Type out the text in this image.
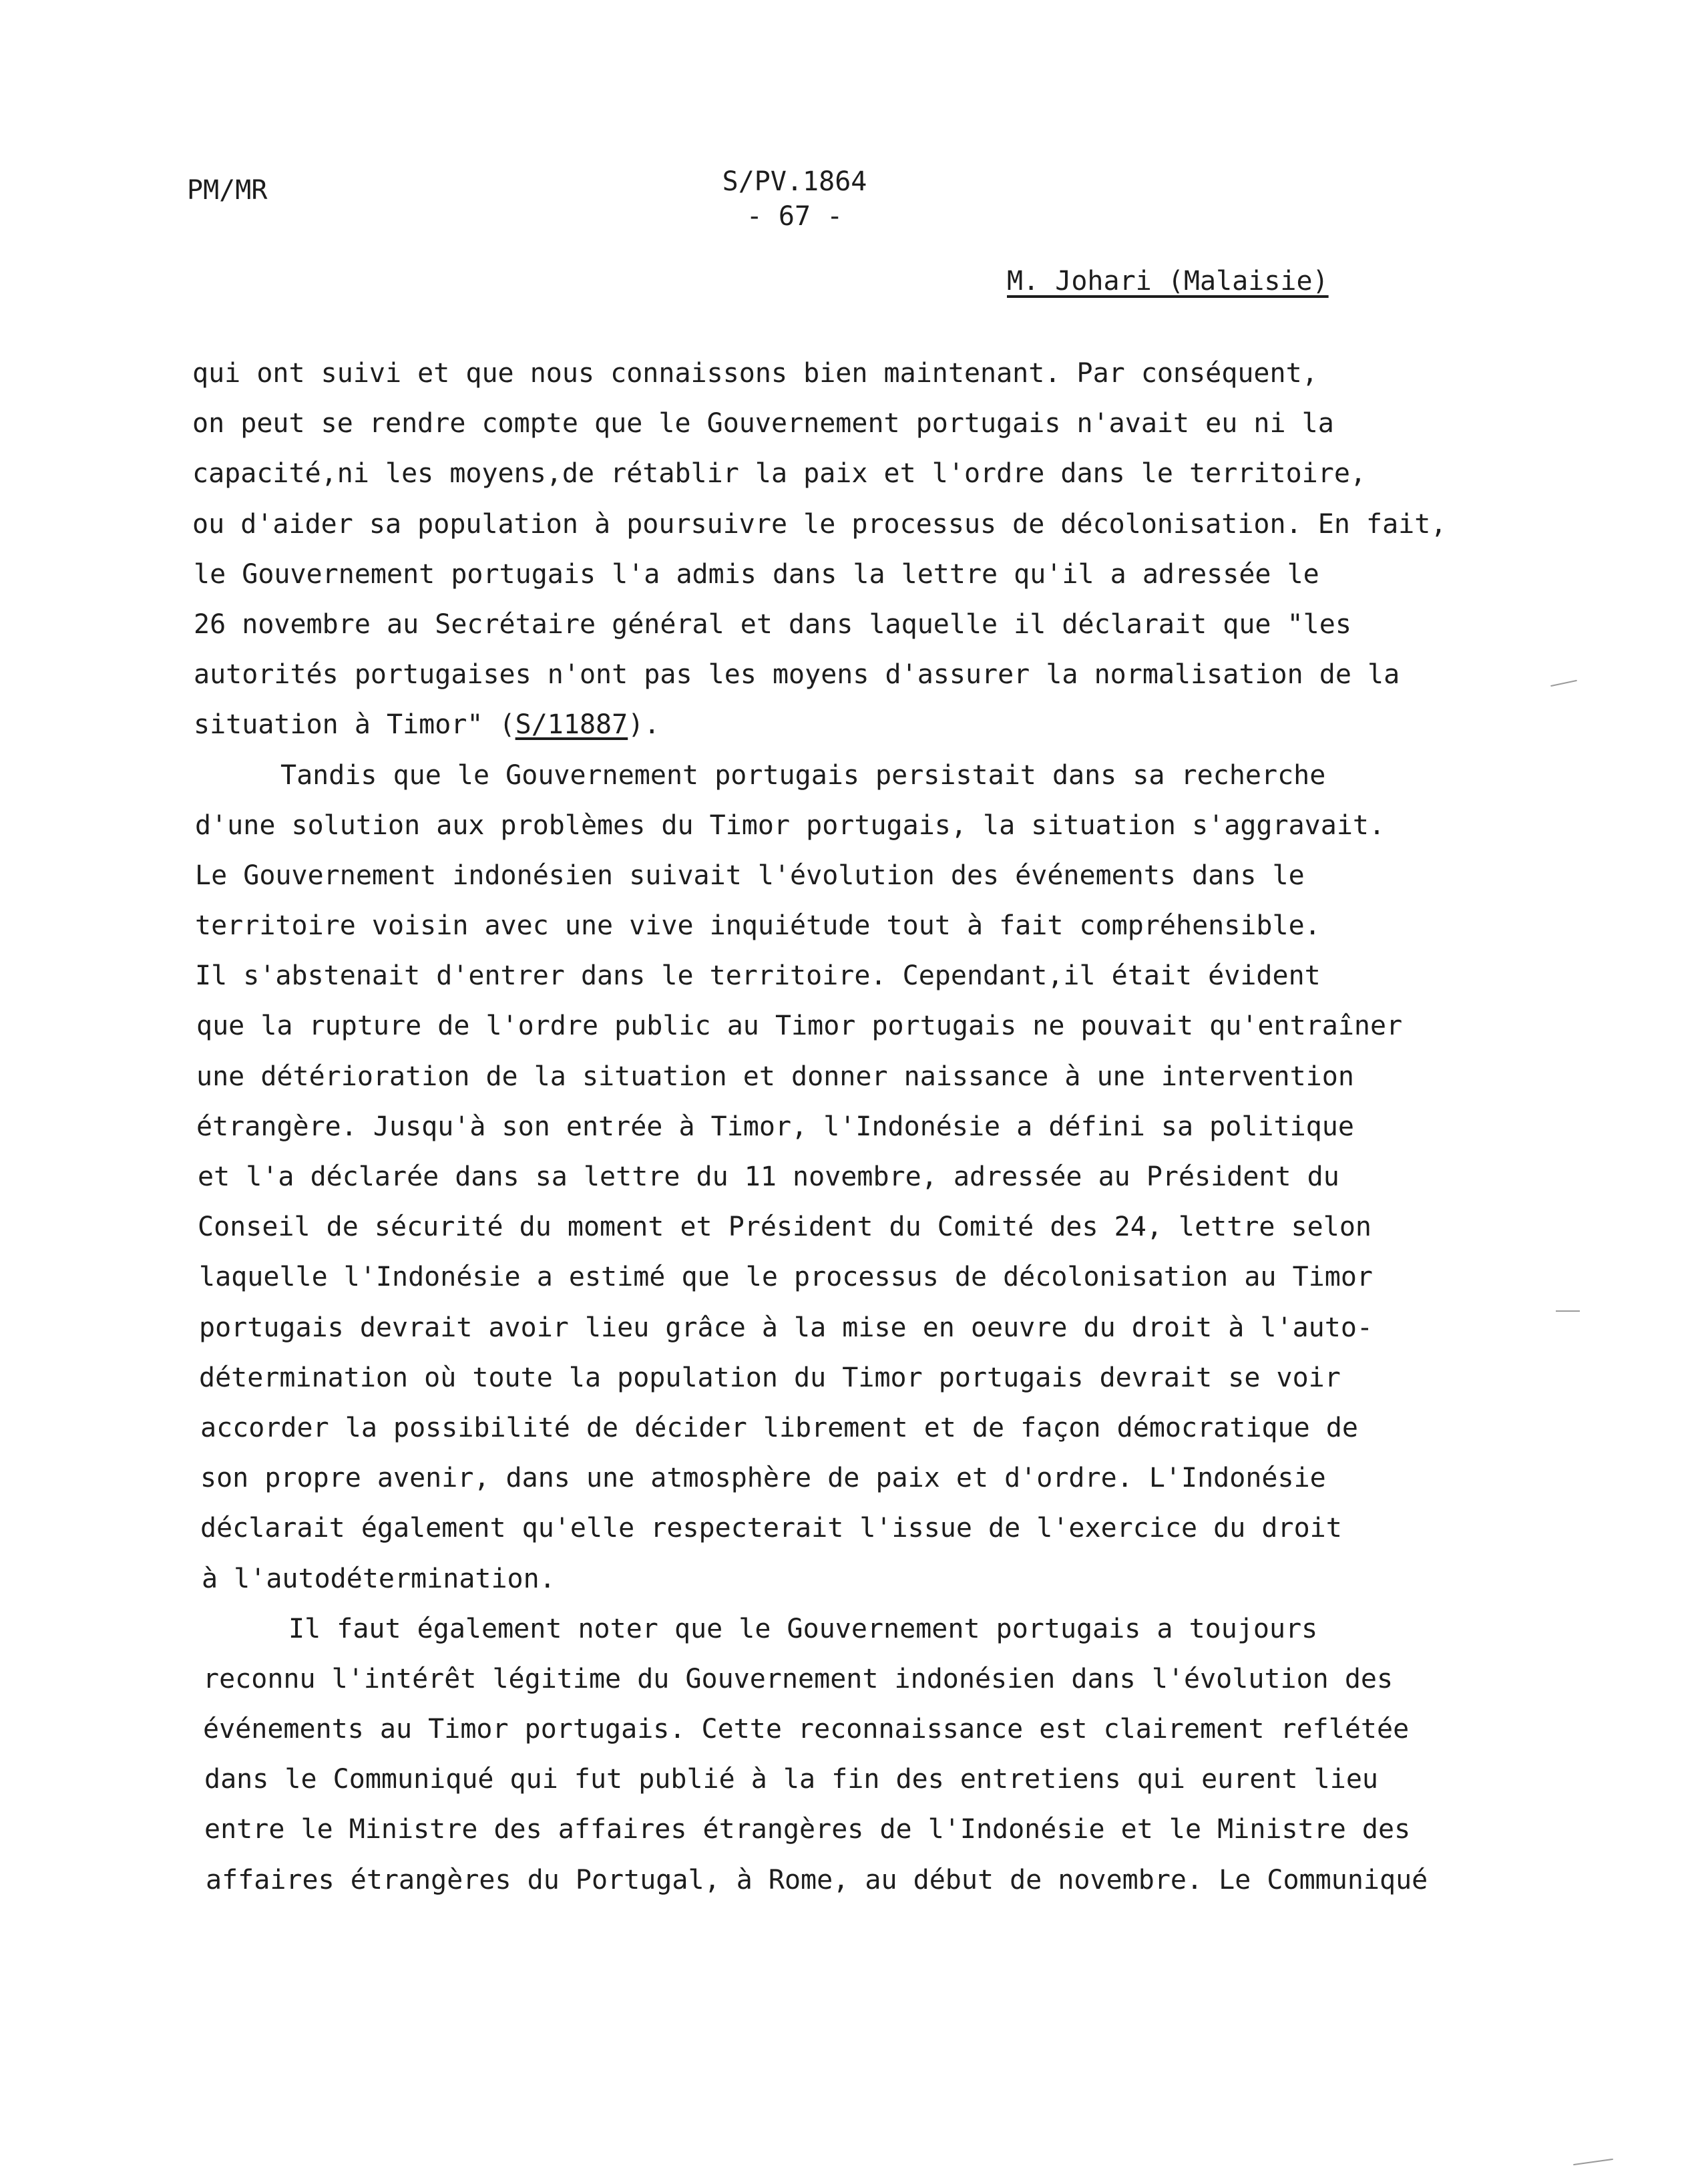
PM/MR	S/PV.1864
- 67 -
M. Johari (Malaisie)
qui ont suivi et que nous connaissons bien maintenant. Par conséquent,
on peut se rendre compte que le Gouvernement portugais n'avait eu ni la
capacité,ni les moyens,de rétablir la paix et l'ordre dans le territoire,
ou d'aider sa population à poursuivre le processus de décolonisation. En fait,
le Gouvernement portugais l'a admis dans la lettre qu'il a adressée le
26 novembre au Secrétaire général et dans laquelle il déclarait que "les
autorités portugaises n'ont pas les moyens d'assurer la normalisation de la
situation à Timor" (S/11887).
Tandis que le Gouvernement portugais persistait dans sa recherche
d'une solution aux problèmes du Timor portugais, la situation s'aggravait.
Le Gouvernement indonésien suivait l'évolution des événements dans le
territoire voisin avec une vive inquiétude tout à fait compréhensible.
Il s'abstenait d'entrer dans le territoire. Cependant,il était évident
que la rupture de l'ordre public au Timor portugais ne pouvait qu'entraîner
une détérioration de la situation et donner naissance à une intervention
étrangère. Jusqu'à son entrée à Timor, l'Indonésie a défini sa politique
et l'a déclarée dans sa lettre du 11 novembre, adressée au Président du
Conseil de sécurité du moment et Président du Comité des 24, lettre selon
laquelle l'Indonésie a estimé que le processus de décolonisation au Timor
portugais devrait avoir lieu grâce à la mise en oeuvre du droit à l'auto-
détermination où toute la population du Timor portugais devrait se voir
accorder la possibilité de décider librement et de façon démocratique de
son propre avenir, dans une atmosphère de paix et d'ordre. L'Indonésie
déclarait également qu'elle respecterait l'issue de l'exercice du droit
à l'autodétermination.
Il faut également noter que le Gouvernement portugais a toujours
reconnu l'intérêt légitime du Gouvernement indonésien dans l'évolution des
événements au Timor portugais. Cette reconnaissance est clairement reflétée
dans le Communiqué qui fut publié à la fin des entretiens qui eurent lieu
entre le Ministre des affaires étrangères de l'Indonésie et le Ministre des
affaires étrangères du Portugal, à Rome, au début de novembre. Le Communiqué
